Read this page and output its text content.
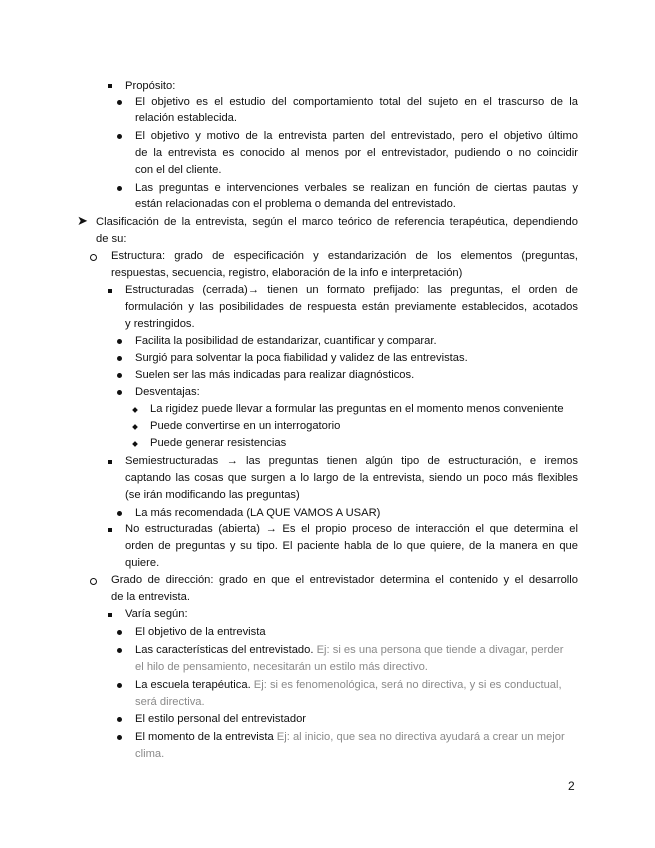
Propósito:
El objetivo es el estudio del comportamiento total del sujeto en el trascurso de la
relación establecida.
El objetivo y motivo de la entrevista parten del entrevistado, pero el objetivo último
de la entrevista es conocido al menos por el entrevistador, pudiendo o no coincidir
con el del cliente.
Las preguntas e intervenciones verbales se realizan en función de ciertas pautas y
están relacionadas con el problema o demanda del entrevistado.
➤ Clasificación de la entrevista, según el marco teórico de referencia terapéutica, dependiendo
de su:
Estructura: grado de especificación y estandarización de los elementos (preguntas,
respuestas, secuencia, registro, elaboración de la info e interpretación)
Estructuradas (cerrada)→ tienen un formato prefijado: las preguntas, el orden de
formulación y las posibilidades de respuesta están previamente establecidos, acotados
y restringidos.
Facilita la posibilidad de estandarizar, cuantificar y comparar.
Surgió para solventar la poca fiabilidad y validez de las entrevistas.
Suelen ser las más indicadas para realizar diagnósticos.
Desventajas:
La rigidez puede llevar a formular las preguntas en el momento menos conveniente
Puede convertirse en un interrogatorio
Puede generar resistencias
Semiestructuradas → las preguntas tienen algún tipo de estructuración, e iremos
captando las cosas que surgen a lo largo de la entrevista, siendo un poco más flexibles
(se irán modificando las preguntas)
La más recomendada (LA QUE VAMOS A USAR)
No estructuradas (abierta) → Es el propio proceso de interacción el que determina el
orden de preguntas y su tipo. El paciente habla de lo que quiere, de la manera en que
quiere.
Grado de dirección: grado en que el entrevistador determina el contenido y el desarrollo
de la entrevista.
Varía según:
El objetivo de la entrevista
Las características del entrevistado. Ej: si es una persona que tiende a divagar, perder
el hilo de pensamiento, necesitarán un estilo más directivo.
La escuela terapéutica. Ej: si es fenomenológica, será no directiva, y si es conductual,
será directiva.
El estilo personal del entrevistador
El momento de la entrevista Ej: al inicio, que sea no directiva ayudará a crear un mejor
clima.
2
